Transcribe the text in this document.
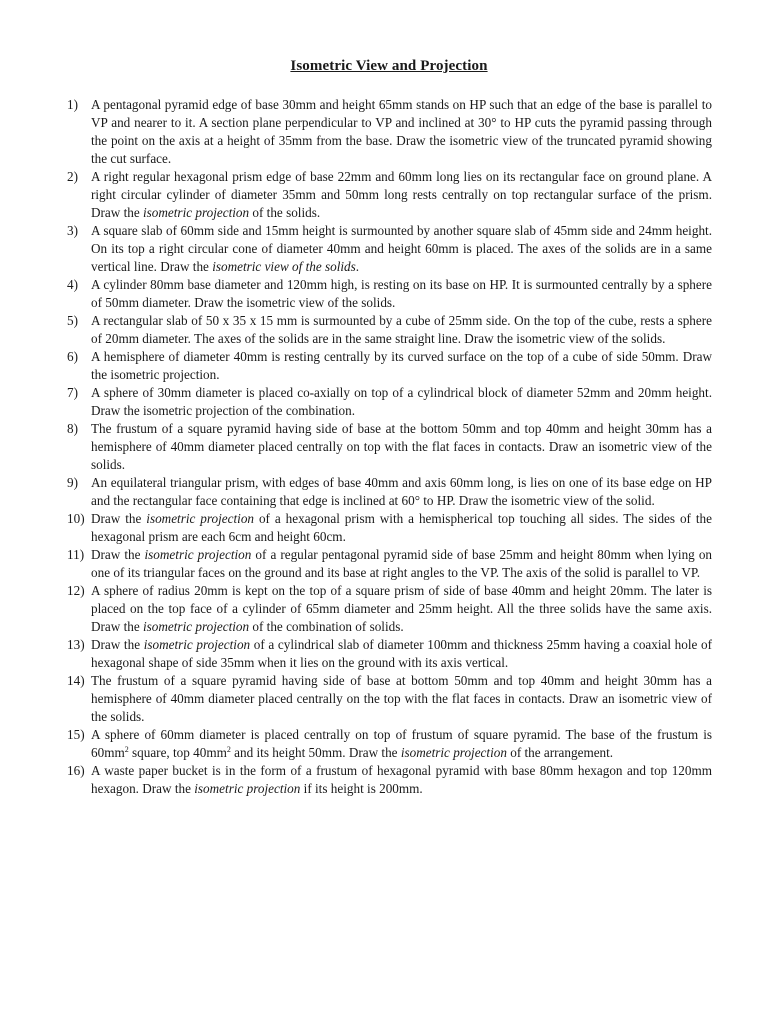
Isometric View and Projection
1) A pentagonal pyramid edge of base 30mm and height 65mm stands on HP such that an edge of the base is parallel to VP and nearer to it. A section plane perpendicular to VP and inclined at 30° to HP cuts the pyramid passing through the point on the axis at a height of 35mm from the base. Draw the isometric view of the truncated pyramid showing the cut surface.
2) A right regular hexagonal prism edge of base 22mm and 60mm long lies on its rectangular face on ground plane. A right circular cylinder of diameter 35mm and 50mm long rests centrally on top rectangular surface of the prism. Draw the isometric projection of the solids.
3) A square slab of 60mm side and 15mm height is surmounted by another square slab of 45mm side and 24mm height. On its top a right circular cone of diameter 40mm and height 60mm is placed. The axes of the solids are in a same vertical line. Draw the isometric view of the solids.
4) A cylinder 80mm base diameter and 120mm high, is resting on its base on HP. It is surmounted centrally by a sphere of 50mm diameter. Draw the isometric view of the solids.
5) A rectangular slab of 50 x 35 x 15 mm is surmounted by a cube of 25mm side. On the top of the cube, rests a sphere of 20mm diameter. The axes of the solids are in the same straight line. Draw the isometric view of the solids.
6) A hemisphere of diameter 40mm is resting centrally by its curved surface on the top of a cube of side 50mm. Draw the isometric projection.
7) A sphere of 30mm diameter is placed co-axially on top of a cylindrical block of diameter 52mm and 20mm height. Draw the isometric projection of the combination.
8) The frustum of a square pyramid having side of base at the bottom 50mm and top 40mm and height 30mm has a hemisphere of 40mm diameter placed centrally on top with the flat faces in contacts. Draw an isometric view of the solids.
9) An equilateral triangular prism, with edges of base 40mm and axis 60mm long, is lies on one of its base edge on HP and the rectangular face containing that edge is inclined at 60° to HP. Draw the isometric view of the solid.
10) Draw the isometric projection of a hexagonal prism with a hemispherical top touching all sides. The sides of the hexagonal prism are each 6cm and height 60cm.
11) Draw the isometric projection of a regular pentagonal pyramid side of base 25mm and height 80mm when lying on one of its triangular faces on the ground and its base at right angles to the VP. The axis of the solid is parallel to VP.
12) A sphere of radius 20mm is kept on the top of a square prism of side of base 40mm and height 20mm. The later is placed on the top face of a cylinder of 65mm diameter and 25mm height. All the three solids have the same axis. Draw the isometric projection of the combination of solids.
13) Draw the isometric projection of a cylindrical slab of diameter 100mm and thickness 25mm having a coaxial hole of hexagonal shape of side 35mm when it lies on the ground with its axis vertical.
14) The frustum of a square pyramid having side of base at bottom 50mm and top 40mm and height 30mm has a hemisphere of 40mm diameter placed centrally on the top with the flat faces in contacts. Draw an isometric view of the solids.
15) A sphere of 60mm diameter is placed centrally on top of frustum of square pyramid. The base of the frustum is $60mm^2$ square, top $40mm^2$ and its height 50mm. Draw the isometric projection of the arrangement.
16) A waste paper bucket is in the form of a frustum of hexagonal pyramid with base 80mm hexagon and top 120mm hexagon. Draw the isometric projection if its height is 200mm.
